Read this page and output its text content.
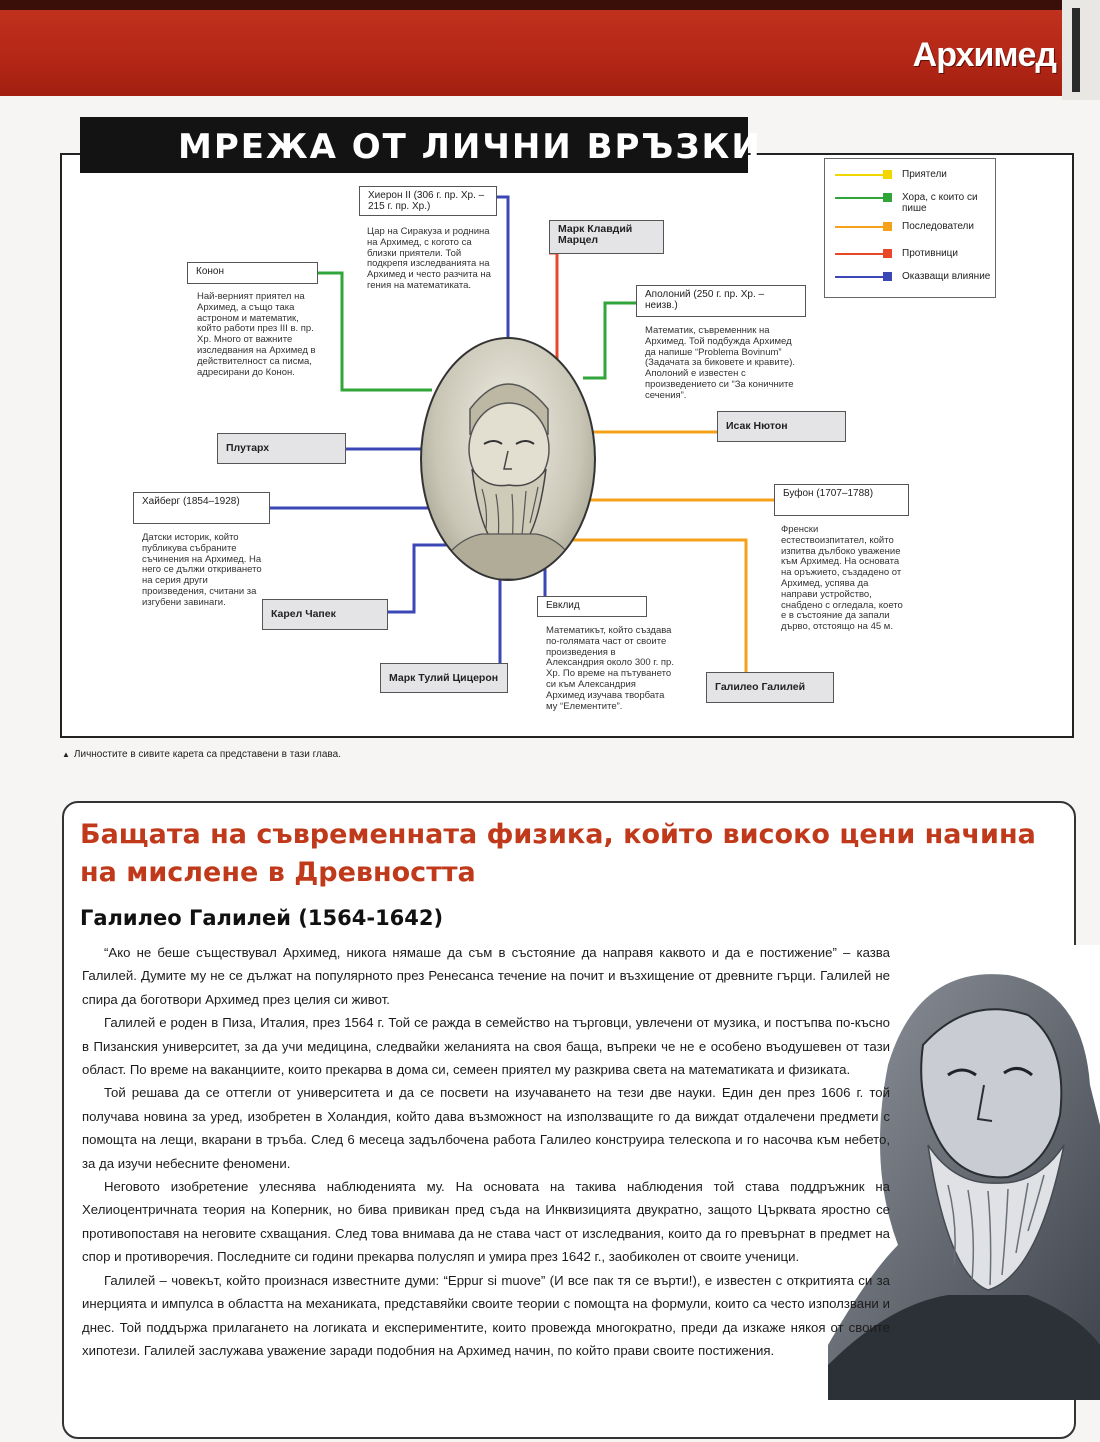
Архимед
МРЕЖА ОТ ЛИЧНИ ВРЪЗКИ
Хиерон II (306 г. пр. Хр. – 215 г. пр. Хр.)
Цар на Сиракуза и роднина на Архимед, с когото са близки приятели. Той подкрепя изследванията на Архимед и често разчита на гения на математиката.
Марк Клавдий Марцел
Конон
Най-верният приятел на Архимед, а също така астроном и математик, който работи през III в. пр. Хр. Много от важните изследвания на Архимед в действителност са писма, адресирани до Конон.
Аполоний (250 г. пр. Хр. – неизв.)
Математик, съвременник на Архимед. Той подбужда Архимед да напише “Problema Bovinum” (Задачата за биковете и кравите). Аполоний е известен с произведението си “За коничните сечения”.
Плутарх
Исак Нютон
Хайберг (1854–1928)
Датски историк, който публикува събраните съчинения на Архимед. На него се дължи откриването на серия други произведения, считани за изгубени завинаги.
Буфон (1707–1788)
Френски естествоизпитател, който изпитва дълбоко уважение към Архимед. На основата на оръжието, създадено от Архимед, успява да направи устройство, снабдено с огледала, което е в състояние да запали дърво, отстоящо на 45 м.
Карел Чапек
Евклид
Математикът, който създава по-голямата част от своите произведения в Александрия около 300 г. пр. Хр. По време на пътуването си към Александрия Архимед изучава творбата му “Елементите”.
Марк Тулий Цицерон
Галилео Галилей
Приятели
Хора, с които си пише
Последователи
Противници
Оказващи влияние
▲ Личностите в сивите карета са представени в тази глава.
Бащата на съвременната физика, който високо цени начина на мислене в Древността
Галилео Галилей (1564-1642)

“Ако не беше съществувал Архимед, никога нямаше да съм в състояние да направя каквото и да е постижение” – казва Галилей. Думите му не се дължат на популярното през Ренесанса течение на почит и възхищение от древните гърци. Галилей не спира да боготвори Архимед през целия си живот.

Галилей е роден в Пиза, Италия, през 1564 г. Той се ражда в семейство на търговци, увлечени от музика, и постъпва по-късно в Пизанския университет, за да учи медицина, следвайки желанията на своя баща, въпреки че не е особено въодушевен от тази област. По време на ваканциите, които прекарва в дома си, семеен приятел му разкрива света на математиката и физиката.

Той решава да се оттегли от университета и да се посвети на изучаването на тези две науки. Един ден през 1606 г. той получава новина за уред, изобретен в Холандия, който дава възможност на използващите го да виждат отдалечени предмети с помощта на лещи, вкарани в тръба. След 6 месеца задълбочена работа Галилео конструира телескопа и го насочва към небето, за да изучи небесните феномени.

Неговото изобретение улеснява наблюденията му. На основата на такива наблюдения той става поддръжник на Хелиоцентричната теория на Коперник, но бива привикан пред съда на Инквизицията двукратно, защото Църквата яростно се противопоставя на неговите схващания. След това внимава да не става част от изследвания, които да го превърнат в предмет на спор и противоречия. Последните си години прекарва полусляп и умира през 1642 г., заобиколен от своите ученици.

Галилей – човекът, който произнася известните думи: “Eppur si muove” (И все пак тя се върти!), е известен с откритията си за инерцията и импулса в областта на механиката, представяйки своите теории с помощта на формули, които са често използвани и днес. Той поддържа прилагането на логиката и експериментите, които провежда многократно, преди да изкаже някоя от своите хипотези. Галилей заслужава уважение заради подобния на Архимед начин, по който прави своите постижения.
